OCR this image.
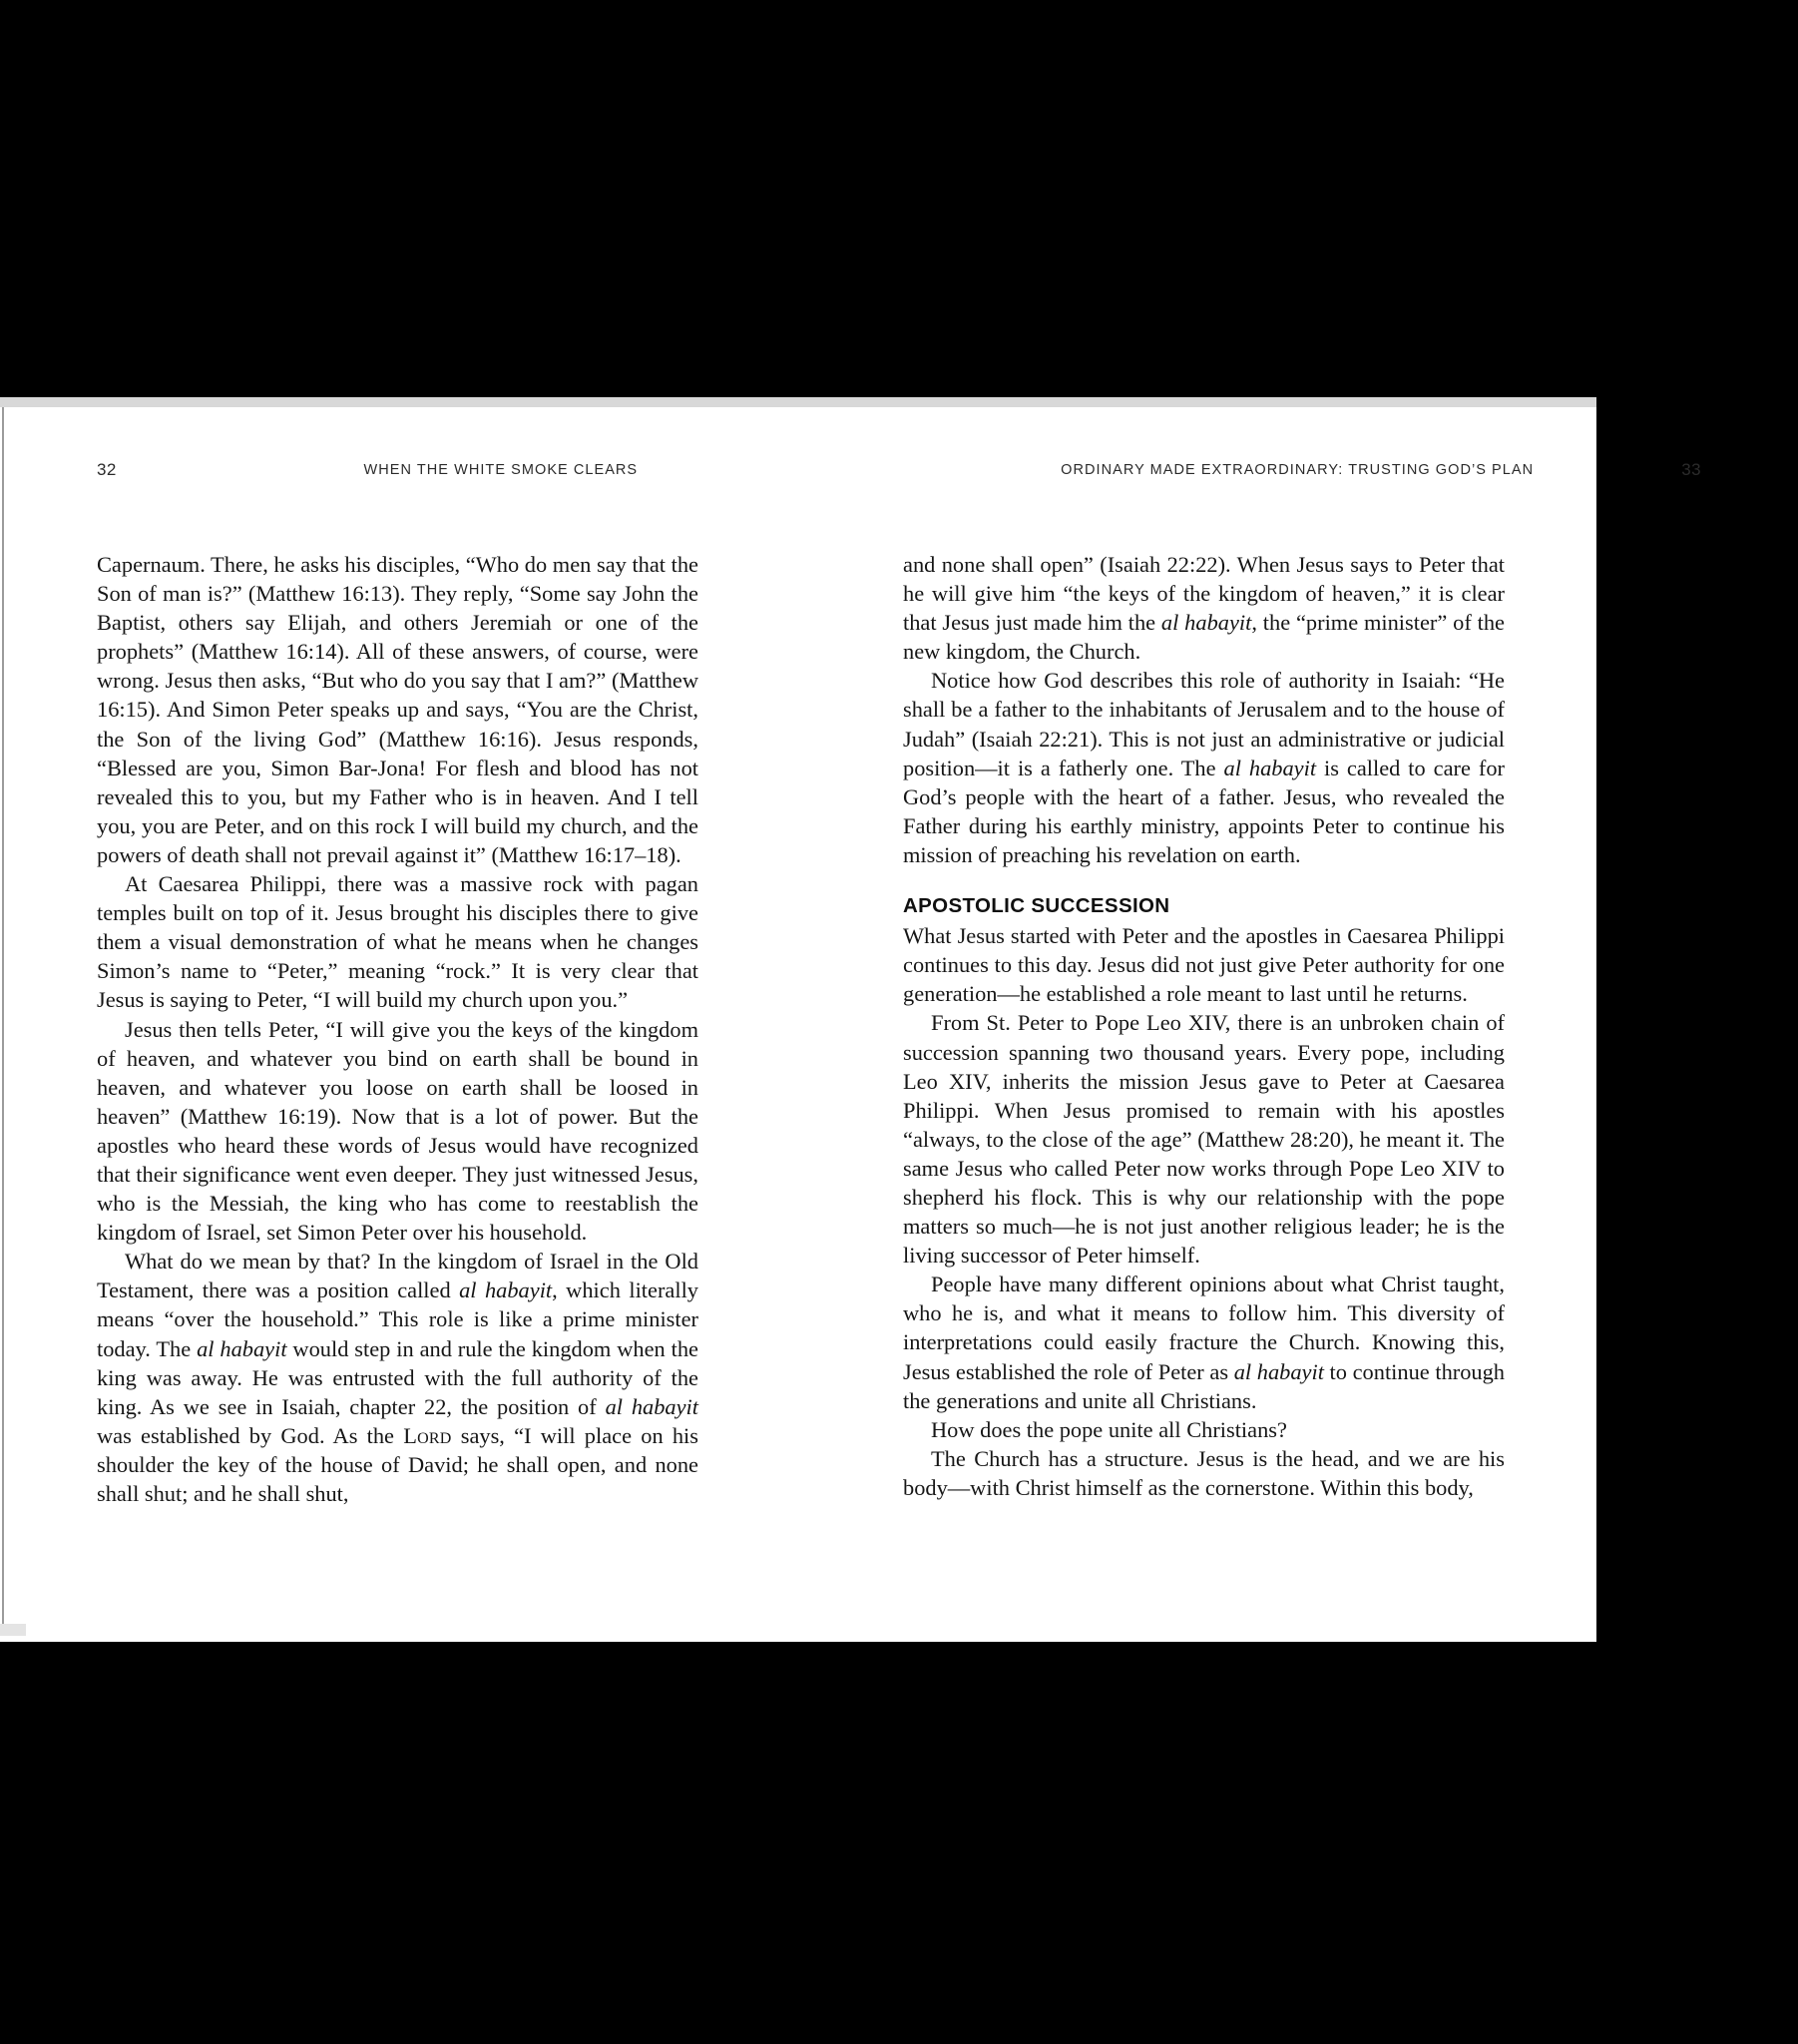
32	WHEN THE WHITE SMOKE CLEARS

Capernaum. There, he asks his disciples, “Who do men say that the Son of man is?” (Matthew 16:13). They reply, “Some say John the Baptist, others say Elijah, and others Jeremiah or one of the prophets” (Matthew 16:14). All of these answers, of course, were wrong. Jesus then asks, “But who do you say that I am?” (Matthew 16:15). And Simon Peter speaks up and says, “You are the Christ, the Son of the living God” (Matthew 16:16). Jesus responds, “Blessed are you, Simon Bar-Jona! For flesh and blood has not revealed this to you, but my Father who is in heaven. And I tell you, you are Peter, and on this rock I will build my church, and the powers of death shall not prevail against it” (Matthew 16:17–18).

At Caesarea Philippi, there was a massive rock with pagan temples built on top of it. Jesus brought his disciples there to give them a visual demonstration of what he means when he changes Simon’s name to “Peter,” meaning “rock.” It is very clear that Jesus is saying to Peter, “I will build my church upon you.”

Jesus then tells Peter, “I will give you the keys of the kingdom of heaven, and whatever you bind on earth shall be bound in heaven, and whatever you loose on earth shall be loosed in heaven” (Matthew 16:19). Now that is a lot of power. But the apostles who heard these words of Jesus would have recognized that their significance went even deeper. They just witnessed Jesus, who is the Messiah, the king who has come to reestablish the kingdom of Israel, set Simon Peter over his household.

What do we mean by that? In the kingdom of Israel in the Old Testament, there was a position called al habayit, which literally means “over the household.” This role is like a prime minister today. The al habayit would step in and rule the kingdom when the king was away. He was entrusted with the full authority of the king. As we see in Isaiah, chapter 22, the position of al habayit was established by God. As the Lord says, “I will place on his shoulder the key of the house of David; he shall open, and none shall shut; and he shall shut,

ORDINARY MADE EXTRAORDINARY: TRUSTING GOD’S PLAN	33

and none shall open” (Isaiah 22:22). When Jesus says to Peter that he will give him “the keys of the kingdom of heaven,” it is clear that Jesus just made him the al habayit, the “prime minister” of the new kingdom, the Church.

Notice how God describes this role of authority in Isaiah: “He shall be a father to the inhabitants of Jerusalem and to the house of Judah” (Isaiah 22:21). This is not just an administrative or judicial position—it is a fatherly one. The al habayit is called to care for God’s people with the heart of a father. Jesus, who revealed the Father during his earthly ministry, appoints Peter to continue his mission of preaching his revelation on earth.

APOSTOLIC SUCCESSION

What Jesus started with Peter and the apostles in Caesarea Philippi continues to this day. Jesus did not just give Peter authority for one generation—he established a role meant to last until he returns.

From St. Peter to Pope Leo XIV, there is an unbroken chain of succession spanning two thousand years. Every pope, including Leo XIV, inherits the mission Jesus gave to Peter at Caesarea Philippi. When Jesus promised to remain with his apostles “always, to the close of the age” (Matthew 28:20), he meant it. The same Jesus who called Peter now works through Pope Leo XIV to shepherd his flock. This is why our relationship with the pope matters so much—he is not just another religious leader; he is the living successor of Peter himself.

People have many different opinions about what Christ taught, who he is, and what it means to follow him. This diversity of interpretations could easily fracture the Church. Knowing this, Jesus established the role of Peter as al habayit to continue through the generations and unite all Christians.

How does the pope unite all Christians?

The Church has a structure. Jesus is the head, and we are his body—with Christ himself as the cornerstone. Within this body,
